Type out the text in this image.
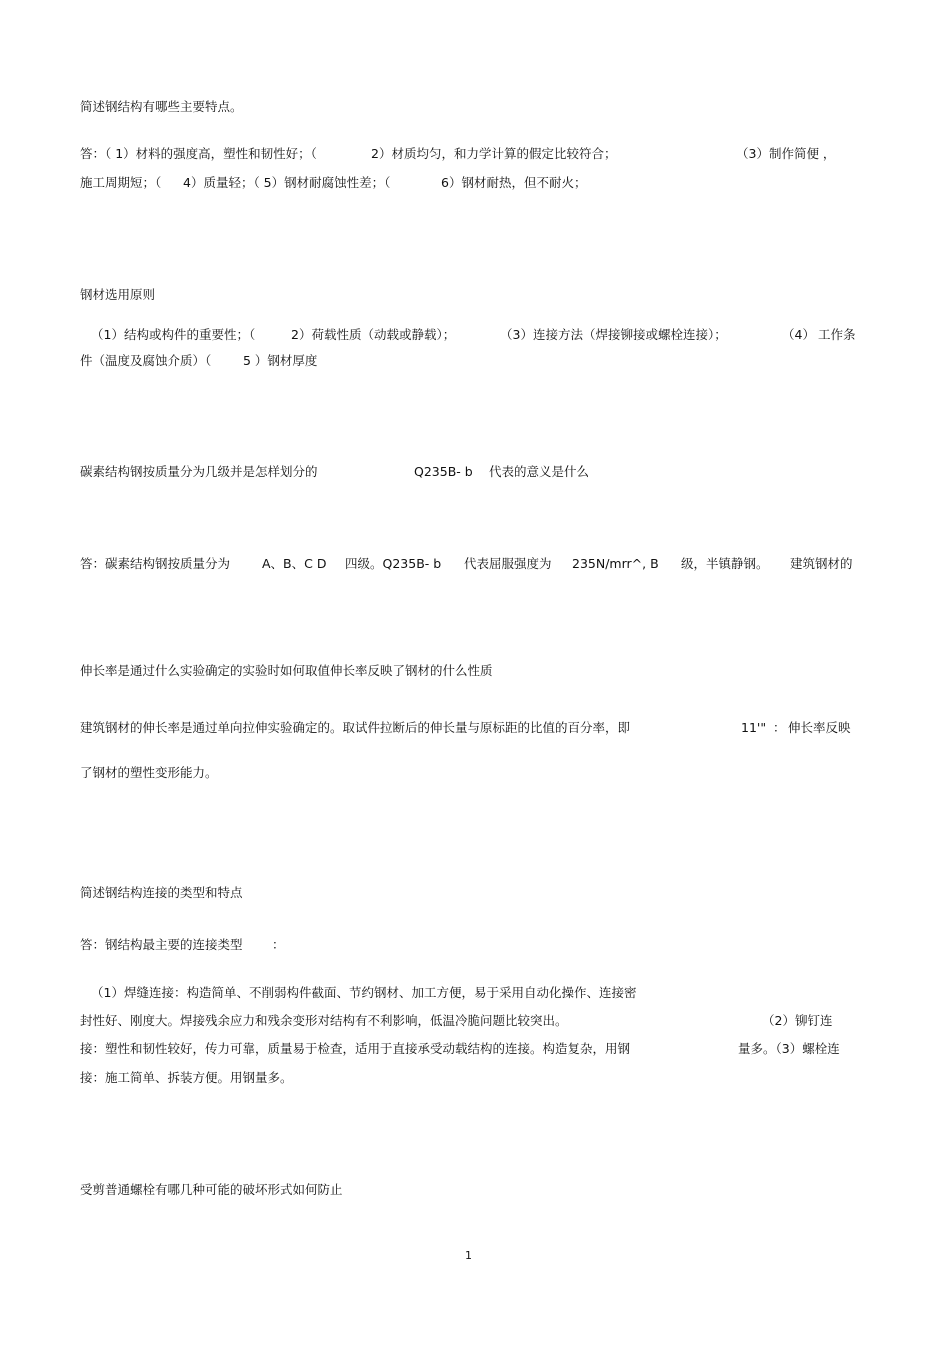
简述钢结构有哪些主要特点。
答：（ 1）材料的强度高，塑性和韧性好；（	2）材质均匀，和力学计算的假定比较符合；	（3）制作简便 ，
施工周期短；（ 4）质量轻；（ 5）钢材耐腐蚀性差；（	6）钢材耐热，但不耐火；
钢材选用原则
（1）结构或构件的重要性；（	2）荷载性质（动载或静载）；	（3）连接方法（焊接铆接或螺栓连接）；	（4） 工作条
件（温度及腐蚀介质）（	5 ）钢材厚度
碳素结构钢按质量分为几级并是怎样划分的	Q235B- b 代表的意义是什么
答：碳素结构钢按质量分为	A、B、C D 四级。Q235B- b 代表屈服强度为 235N/mrr^, B 级，半镇静钢。 建筑钢材的
伸长率是通过什么实验确定的实验时如何取值伸长率反映了钢材的什么性质
建筑钢材的伸长率是通过单向拉伸实验确定的。取试件拉断后的伸长量与原标距的比值的百分率，即	11'" ： 伸长率反映
了钢材的塑性变形能力。
简述钢结构连接的类型和特点
答：钢结构最主要的连接类型 ：
（1）焊缝连接：构造简单、不削弱构件截面、节约钢材、加工方便，易于采用自动化操作、连接密
封性好、刚度大。焊接残余应力和残余变形对结构有不利影响，低温冷脆问题比较突出。	（2）铆钉连
接：塑性和韧性较好，传力可靠，质量易于检查，适用于直接承受动载结构的连接。构造复杂，用钢	量多。（3）螺栓连
接：施工简单、拆装方便。用钢量多。
受剪普通螺栓有哪几种可能的破坏形式如何防止
1
